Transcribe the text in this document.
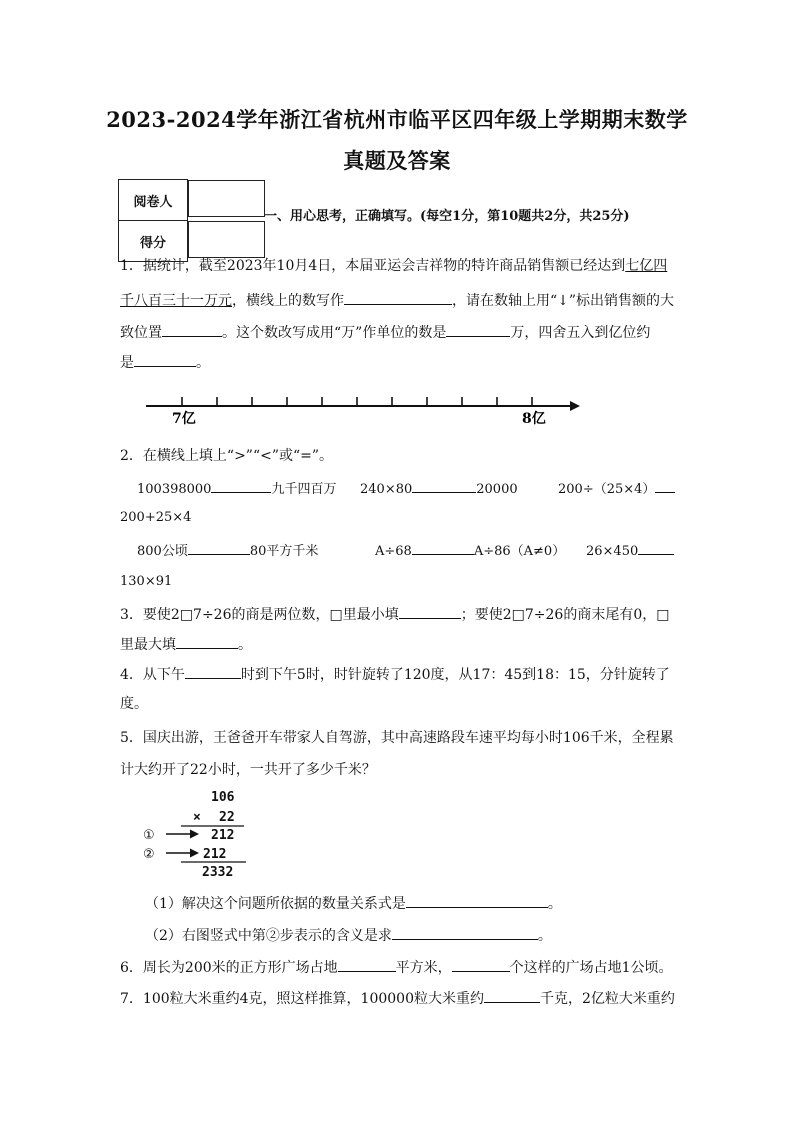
2023-2024学年浙江省杭州市临平区四年级上学期期末数学
真题及答案
阅卷人	
得分	
一、用心思考，正确填写。(每空1分，第10题共2分，共25分)
1．据统计，截至2023年10月4日，本届亚运会吉祥物的特许商品销售额已经达到七亿四
千八百三十一万元，横线上的数写作	，请在数轴上用“↓”标出销售额的大
致位置	。这个数改写成用“万”作单位的数是	万，四舍五入到亿位约
是	。
7亿	8亿
2．在横线上填上“>”“<”或“=”。
100398000	九千四百万 240×80	20000	200÷（25×4）
200+25×4
800公顷	80平方千米	A÷68	A÷86（A≠0） 26×450
130×91
3．要使2□7÷26的商是两位数，□里最小填	；要使2□7÷26的商末尾有0，□
里最大填	。
4．从下午	时到下午5时，时针旋转了120度，从17：45到18：15，分针旋转了
度。
5．国庆出游，王爸爸开车带家人自驾游，其中高速路段车速平均每小时106千米，全程累
计大约开了22小时，一共开了多少千米？
106
× 22
①	212
②	212
2332
（1）解决这个问题所依据的数量关系式是	。
（2）右图竖式中第②步表示的含义是求	。
6．周长为200米的正方形广场占地	平方米，	个这样的广场占地1公顷。
7．100粒大米重约4克，照这样推算，100000粒大米重约	千克，2亿粒大米重约
